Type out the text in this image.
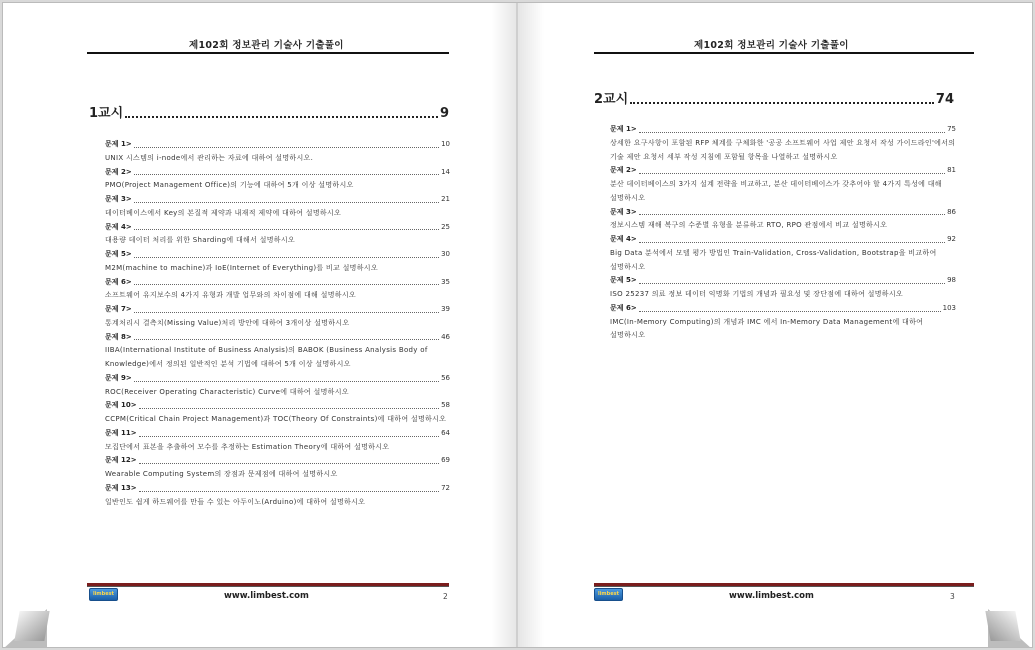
제102회 정보관리 기술사 기출풀이
1교시	9
문제 1>	10
UNIX 시스템의 i-node에서 관리하는 자료에 대하여 설명하시오.
문제 2>	14
PMO(Project Management Office)의 기능에 대하여 5개 이상 설명하시오
문제 3>	21
데이터베이스에서 Key의 본질적 제약과 내재적 제약에 대하여 설명하시오
문제 4>	25
대용량 데이터 처리를 위한 Sharding에 대해서 설명하시오
문제 5>	30
M2M(machine to machine)과 IoE(Internet of Everything)를 비교 설명하시오
문제 6>	35
소프트웨어 유지보수의 4가지 유형과 개발 업무와의 차이점에 대해 설명하시오
문제 7>	39
통계처리시 결측치(Missing Value)처리 방안에 대하여 3개이상 설명하시오
문제 8>	46
IIBA(International Institute of Business Analysis)의 BABOK (Business Analysis Body of Knowledge)에서 정의된 일반적인 분석 기법에 대하여 5개 이상 설명하시오
문제 9>	56
ROC(Receiver Operating Characteristic) Curve에 대하여 설명하시오
문제 10>	58
CCPM(Critical Chain Project Management)과 TOC(Theory Of Constraints)에 대하여 설명하시오
문제 11>	64
모집단에서 표본을 추출하여 모수를 추정하는 Estimation Theory에 대하여 설명하시오
문제 12>	69
Wearable Computing System의 장점과 문제점에 대하여 설명하시오
문제 13>	72
일반인도 쉽게 하드웨어를 만들 수 있는 아두이노(Arduino)에 대하여 설명하시오
limbest	www.limbest.com	2
제102회 정보관리 기술사 기출풀이
2교시	74
문제 1>	75
상세한 요구사항이 포함된 RFP 체계를 구체화한 '공공 소프트웨어 사업 제안 요청서 작성 가이드라인'에서의 기술 제안 요청서 세부 작성 지침에 포함될 항목을 나열하고 설명하시오
문제 2>	81
분산 데이터베이스의 3가지 설계 전략을 비교하고, 분산 데이터베이스가 갖추어야 할 4가지 특성에 대해 설명하시오
문제 3>	86
정보시스템 재해 복구의 수준별 유형을 분류하고 RTO, RPO 관점에서 비교 설명하시오
문제 4>	92
Big Data 분석에서 모델 평가 방법인 Train-Validation, Cross-Validation, Bootstrap을 비교하여 설명하시오
문제 5>	98
ISO 25237 의료 정보 데이터 익명화 기법의 개념과 필요성 및 장단점에 대하여 설명하시오
문제 6>	103
IMC(In-Memory Computing)의 개념과 IMC 에서 In-Memory Data Management에 대하여 설명하시오
limbest	www.limbest.com	3
